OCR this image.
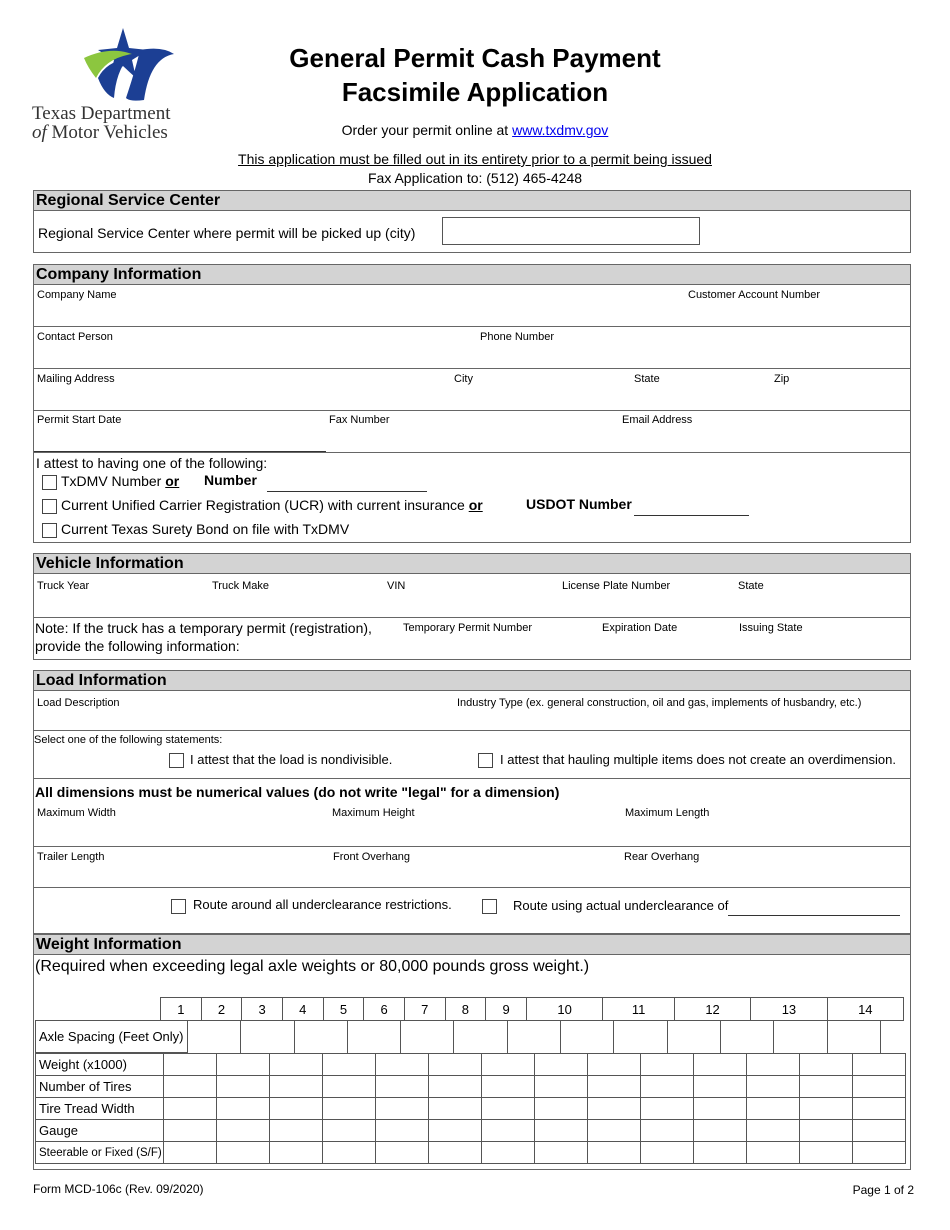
Texas Department
of Motor Vehicles
General Permit Cash Payment
Facsimile Application
Order your permit online at www.txdmv.gov
This application must be filled out in its entirety prior to a permit being issued
Fax Application to: (512) 465-4248
Regional Service Center
Regional Service Center where permit will be picked up (city)
Company Information
Company Name	Customer Account Number
Contact Person	Phone Number
Mailing Address	City	State	Zip
Permit Start Date	Fax Number	Email Address
I attest to having one of the following:
TxDMV Number or Number
Current Unified Carrier Registration (UCR) with current insurance or	USDOT Number
Current Texas Surety Bond on file with TxDMV
Vehicle Information
Truck Year	Truck Make	VIN	License Plate Number	State
Note: If the truck has a temporary permit (registration),
provide the following information:
Temporary Permit Number	Expiration Date	Issuing State
Load Information
Load Description	Industry Type (ex. general construction, oil and gas, implements of husbandry, etc.)
Select one of the following statements:
I attest that the load is nondivisible.	I attest that hauling multiple items does not create an overdimension.
All dimensions must be numerical values (do not write "legal" for a dimension)
Maximum Width	Maximum Height	Maximum Length
Trailer Length	Front Overhang	Rear Overhang
Route around all underclearance restrictions.	Route using actual underclearance of
Weight Information
(Required when exceeding legal axle weights or 80,000 pounds gross weight.)
1	2	3	4	5	6	7	8	9	10	11	12	13	14
Axle Spacing (Feet Only)

Weight (x1000)														
Number of Tires														
Tire Tread Width														
Gauge														
Steerable or Fixed (S/F)														
Form MCD-106c (Rev. 09/2020)	Page 1 of 2
